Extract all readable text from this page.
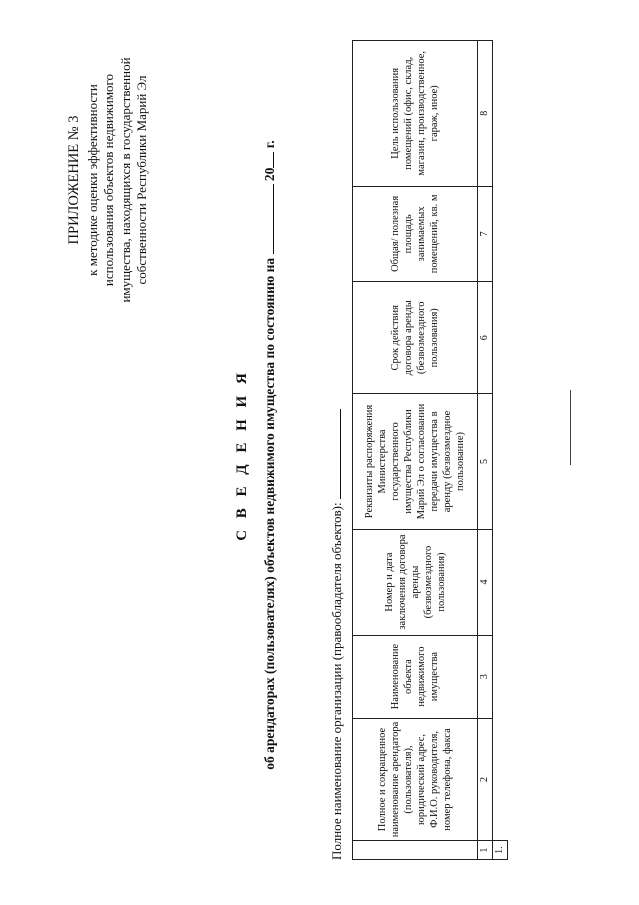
ПРИЛОЖЕНИЕ № 3 к методике оценки эффективности использования объектов недвижимого имущества, находящихся в государственной собственности Республики Марий Эл
С В Е Д Е Н И Я об арендаторах (пользователях) объектов недвижимого имущества по состоянию на  20 г.
Полное наименование организации (правообладателя объектов):
		Полное и сокращенное наименование арендатора (пользователя), юридический адрес, Ф.И.О. руководителя, номер телефона, факса	Наименование объекта недвижимого имущества	Номер и дата заключения договора аренды (безвозмездного пользования)	Реквизиты распоряжения Министерства государственного имущества Республики Марий Эл о согласовании передачи имущества в аренду (безвозмездное пользование)	Срок действия договора аренды (безвозмездного пользования)	Общая/ полезная площадь занимаемых помещений, кв. м	Цель использования помещений (офис, склад, магазин, производственное, гараж, иное)
1	2	3	4	5	6	7	8
1.							
